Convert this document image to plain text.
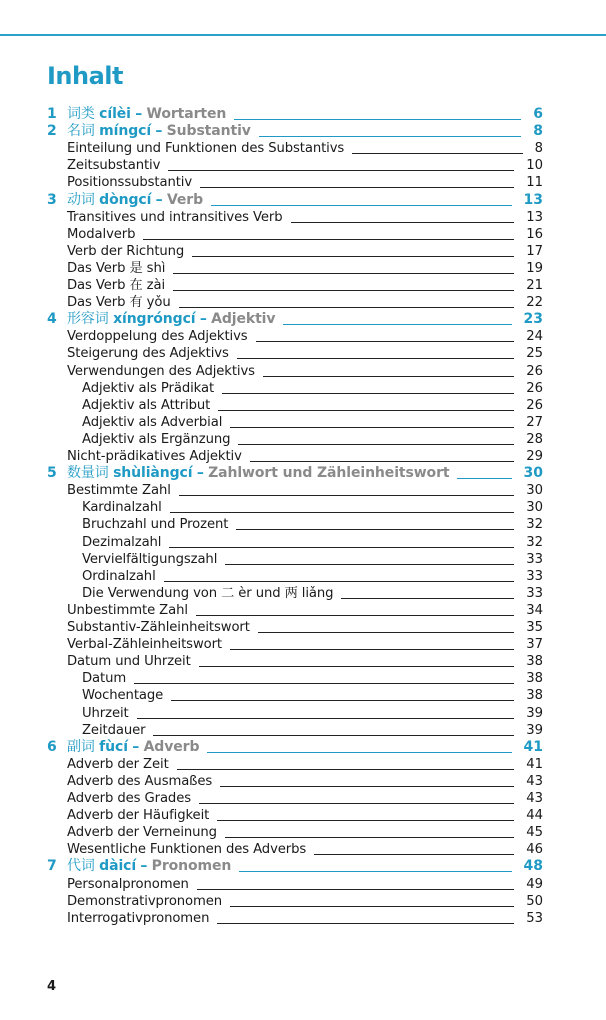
Inhalt
1 词类 cílèi – Wortarten	6
2 名词 míngcí – Substantiv	8
Einteilung und Funktionen des Substantivs	8
Zeitsubstantiv	10
Positionssubstantiv	11
3 动词 dòngcí – Verb	13
Transitives und intransitives Verb	13
Modalverb	16
Verb der Richtung	17
Das Verb 是 shì	19
Das Verb 在 zài	21
Das Verb 有 yǒu	22
4 形容词 xíngróngcí – Adjektiv	23
Verdoppelung des Adjektivs	24
Steigerung des Adjektivs	25
Verwendungen des Adjektivs	26
Adjektiv als Prädikat	26
Adjektiv als Attribut	26
Adjektiv als Adverbial	27
Adjektiv als Ergänzung	28
Nicht-prädikatives Adjektiv	29
5 数量词 shùliàngcí – Zahlwort und Zähleinheitswort	30
Bestimmte Zahl	30
Kardinalzahl	30
Bruchzahl und Prozent	32
Dezimalzahl	32
Vervielfältigungszahl	33
Ordinalzahl	33
Die Verwendung von 二 èr und 两 liǎng	33
Unbestimmte Zahl	34
Substantiv-Zähleinheitswort	35
Verbal-Zähleinheitswort	37
Datum und Uhrzeit	38
Datum	38
Wochentage	38
Uhrzeit	39
Zeitdauer	39
6 副词 fùcí – Adverb	41
Adverb der Zeit	41
Adverb des Ausmaßes	43
Adverb des Grades	43
Adverb der Häufigkeit	44
Adverb der Verneinung	45
Wesentliche Funktionen des Adverbs	46
7 代词 dàicí – Pronomen	48
Personalpronomen	49
Demonstrativpronomen	50
Interrogativpronomen	53
4
